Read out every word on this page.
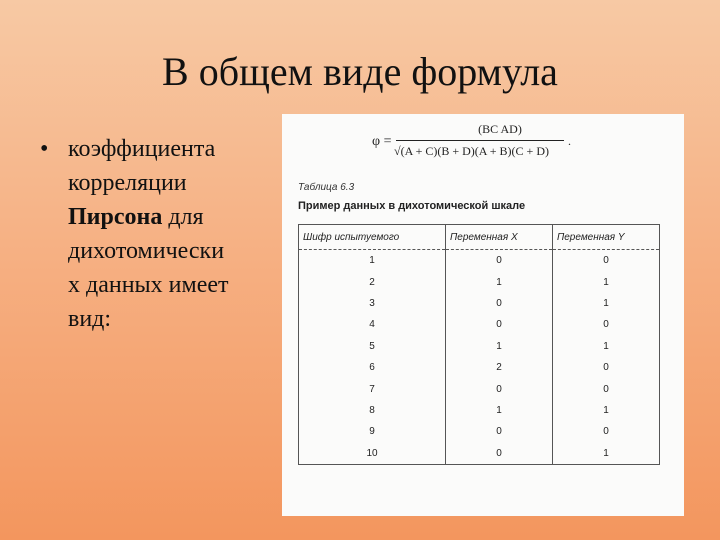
В общем виде формула
• коэффициента
корреляции
Пирсона для
дихотомически
х данных имеет
вид:
φ =
(BC AD)
√(A + C)(B + D)(A + B)(C + D)
.
Таблица 6.3
Пример данных в дихотомической шкале
Шифр испытуемого	Переменная X	Переменная Y
1	0	0
2	1	1
3	0	1
4	0	0
5	1	1
6	2	0
7	0	0
8	1	1
9	0	0
10	0	1
